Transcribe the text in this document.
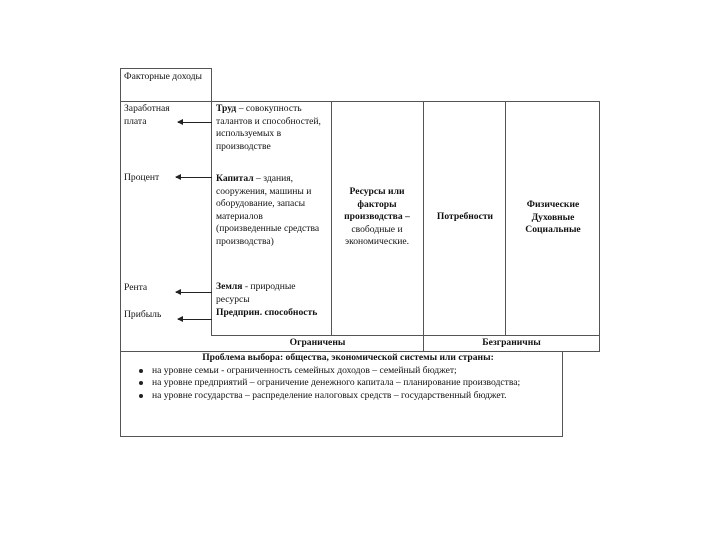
Факторные доходы
Заработная плата
Процент
Рента
Прибыль
Труд – совокупность талантов и способностей, используемых в производстве
Капитал – здания, сооружения, машины и оборудование, запасы материалов (произведенные средства производства)
Земля - природные ресурсы
Предприн. способность
Ресурсы или факторы производства – свободные и экономические.
Потребности
Физические
Духовные
Социальные
Ограничены	Безграничны
Проблема выбора: общества, экономической системы или страны:
на уровне семьи - ограниченность семейных доходов – семейный бюджет;
на уровне предприятий – ограничение денежного капитала – планирование производства;
на уровне государства – распределение налоговых средств – государственный бюджет.
